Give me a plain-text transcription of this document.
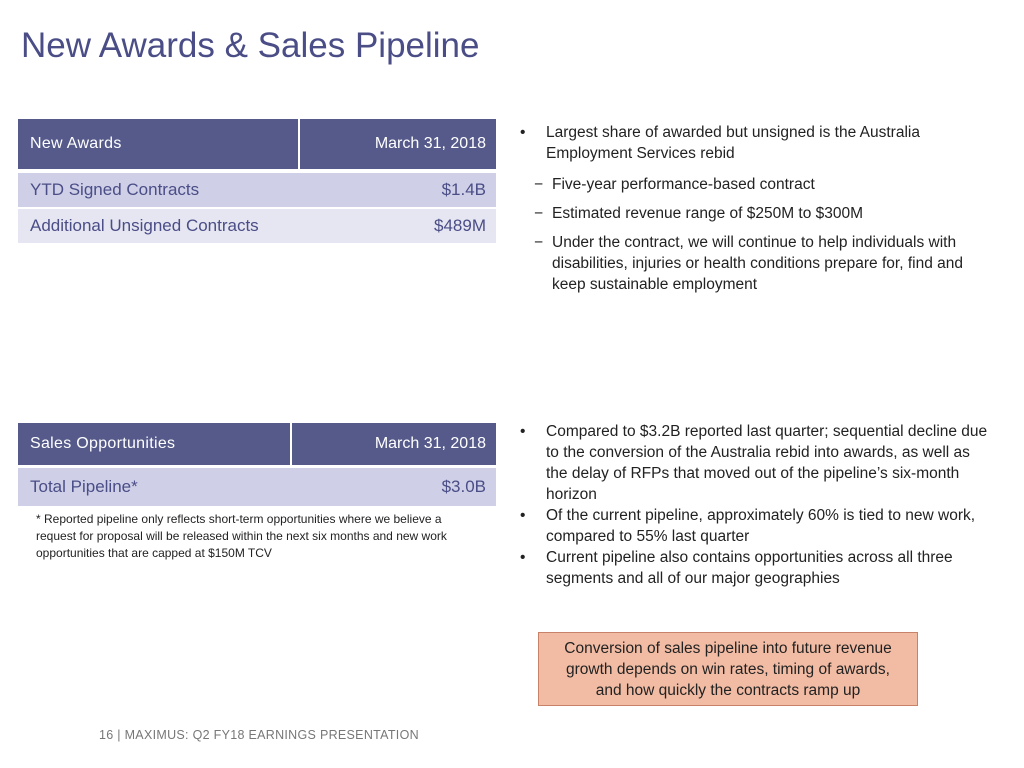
New Awards & Sales Pipeline
New Awards	March 31, 2018
YTD Signed Contracts	$1.4B
Additional Unsigned Contracts	$489M
• Largest share of awarded but unsigned is the Australia Employment Services rebid
− Five-year performance-based contract
− Estimated revenue range of $250M to $300M
− Under the contract, we will continue to help individuals with disabilities, injuries or health conditions prepare for, find and keep sustainable employment
Sales Opportunities	March 31, 2018
Total Pipeline*	$3.0B
* Reported pipeline only reflects short-term opportunities where we believe a request for proposal will be released within the next six months and new work opportunities that are capped at $150M TCV
• Compared to $3.2B reported last quarter; sequential decline due to the conversion of the Australia rebid into awards, as well as the delay of RFPs that moved out of the pipeline’s six-month horizon
• Of the current pipeline, approximately 60% is tied to new work, compared to 55% last quarter
• Current pipeline also contains opportunities across all three segments and all of our major geographies
Conversion of sales pipeline into future revenue growth depends on win rates, timing of awards, and how quickly the contracts ramp up
16 | MAXIMUS: Q2 FY18 EARNINGS PRESENTATION
